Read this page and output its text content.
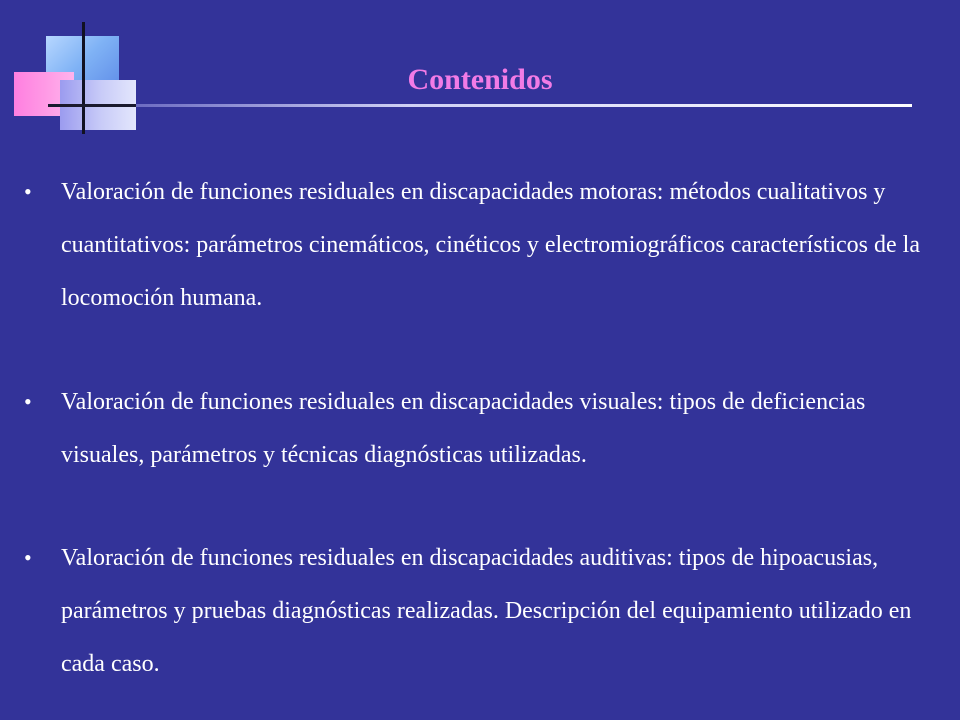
Contenidos
•	Valoración de funciones residuales en discapacidades motoras: métodos cualitativos y cuantitativos: parámetros cinemáticos, cinéticos y electromiográficos característicos de la locomoción humana.
•	Valoración de funciones residuales en discapacidades visuales: tipos de deficiencias visuales, parámetros y técnicas diagnósticas utilizadas.
•	Valoración de funciones residuales en discapacidades auditivas: tipos de hipoacusias, parámetros y pruebas diagnósticas realizadas. Descripción del equipamiento utilizado en cada caso.
